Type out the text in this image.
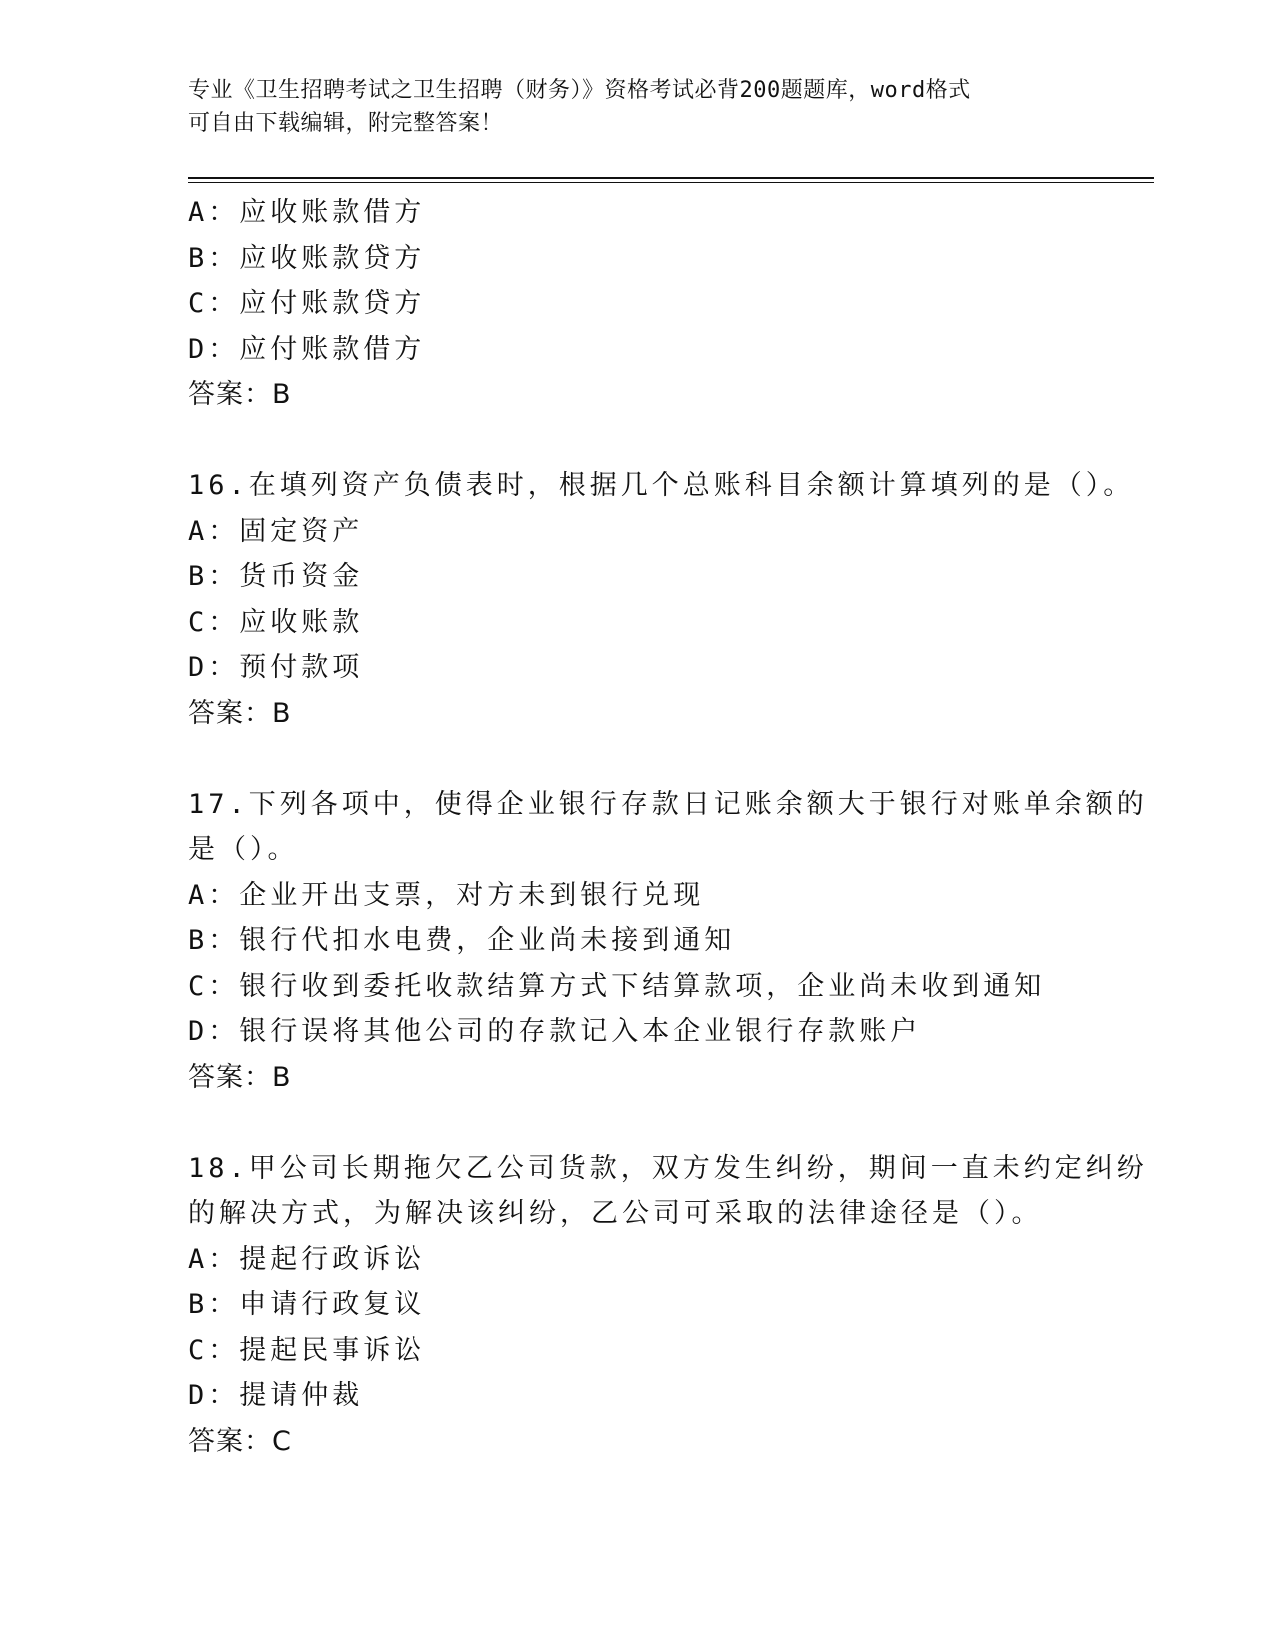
专业《卫生招聘考试之卫生招聘（财务）》资格考试必背200题题库，word格式
可自由下载编辑，附完整答案！
A：应收账款借方
B：应收账款贷方
C：应付账款贷方
D：应付账款借方
答案：B
16.在填列资产负债表时，根据几个总账科目余额计算填列的是（）。
A：固定资产
B：货币资金
C：应收账款
D：预付款项
答案：B
17.下列各项中，使得企业银行存款日记账余额大于银行对账单余额的
是（）。
A：企业开出支票，对方未到银行兑现
B：银行代扣水电费，企业尚未接到通知
C：银行收到委托收款结算方式下结算款项，企业尚未收到通知
D：银行误将其他公司的存款记入本企业银行存款账户
答案：B
18.甲公司长期拖欠乙公司货款，双方发生纠纷，期间一直未约定纠纷
的解决方式，为解决该纠纷，乙公司可采取的法律途径是（）。
A：提起行政诉讼
B：申请行政复议
C：提起民事诉讼
D：提请仲裁
答案：C
